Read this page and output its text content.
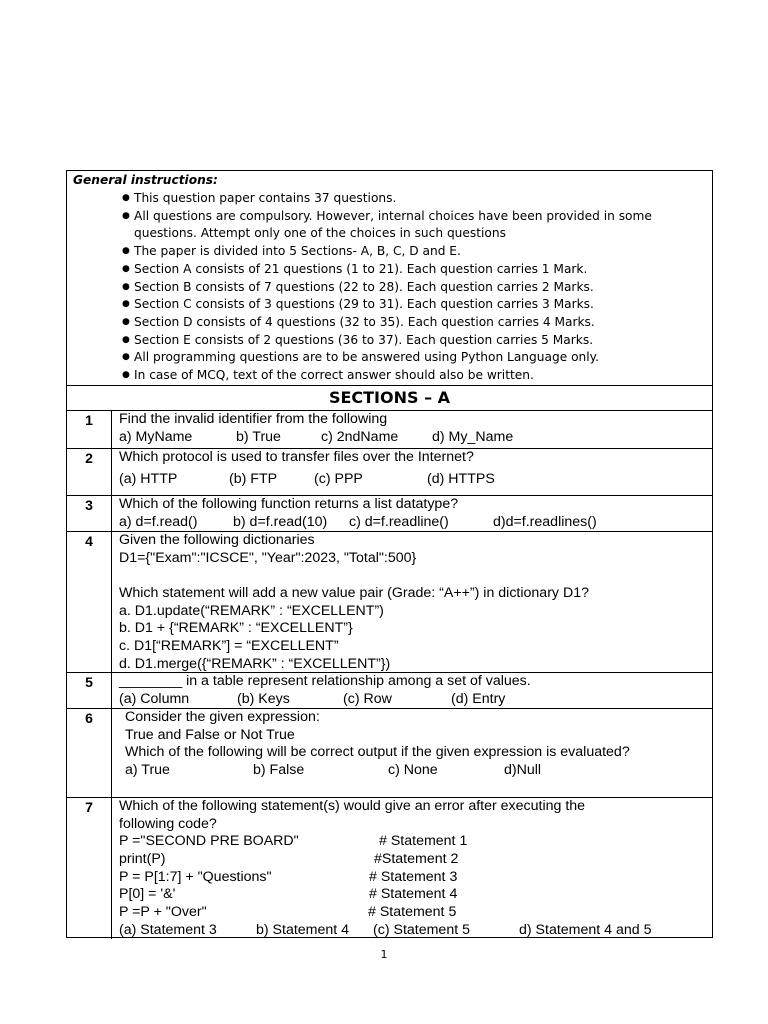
General instructions:
● This question paper contains 37 questions.
● All questions are compulsory. However, internal choices have been provided in some questions. Attempt only one of the choices in such questions
● The paper is divided into 5 Sections- A, B, C, D and E.
● Section A consists of 21 questions (1 to 21). Each question carries 1 Mark.
● Section B consists of 7 questions (22 to 28). Each question carries 2 Marks.
● Section C consists of 3 questions (29 to 31). Each question carries 3 Marks.
● Section D consists of 4 questions (32 to 35). Each question carries 4 Marks.
● Section E consists of 2 questions (36 to 37). Each question carries 5 Marks.
● All programming questions are to be answered using Python Language only.
● In case of MCQ, text of the correct answer should also be written.
SECTIONS – A
1	Find the invalid identifier from the following
a) MyName	b) True	c) 2ndName d) My_Name
2	Which protocol is used to transfer files over the Internet?
(a) HTTP	(b) FTP	(c) PPP	(d) HTTPS
3	Which of the following function returns a list datatype?
a) d=f.read()	b) d=f.read(10) c) d=f.readline()	d)d=f.readlines()
4	Given the following dictionaries
D1={"Exam":"ICSCE", "Year":2023, "Total":500}
Which statement will add a new value pair (Grade: “A++”) in dictionary D1?
a. D1.update(“REMARK” : “EXCELLENT”)
b. D1 + {“REMARK” : “EXCELLENT”}
c. D1[“REMARK”] = “EXCELLENT”
d. D1.merge({“REMARK” : “EXCELLENT”})
5	________ in a table represent relationship among a set of values.
(a) Column	(b) Keys	(c) Row	(d) Entry
6	Consider the given expression:
True and False or Not True
Which of the following will be correct output if the given expression is evaluated?
a) True	b) False	c) None	d)Null
7	Which of the following statement(s) would give an error after executing the
following code?
P ="SECOND PRE BOARD"	# Statement 1
print(P)	#Statement 2
P = P[1:7] + "Questions"	# Statement 3
P[0] = '&'	# Statement 4
P =P + "Over"	# Statement 5
(a) Statement 3	b) Statement 4 (c) Statement 5	d) Statement 4 and 5
1
